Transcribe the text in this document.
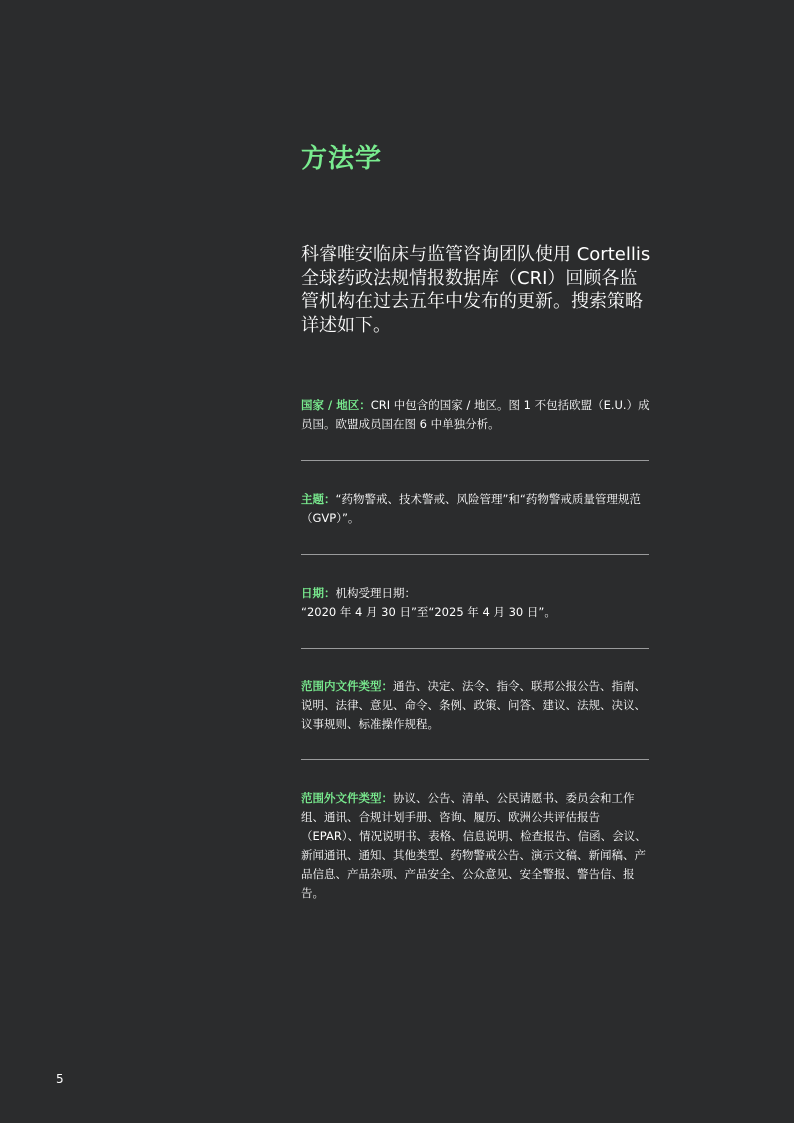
方法学

科睿唯安临床与监管咨询团队使用 Cortellis 全球药政法规情报数据库（CRI）回顾各监管机构在过去五年中发布的更新。搜索策略详述如下。

国家 / 地区：CRI 中包含的国家 / 地区。图 1 不包括欧盟（E.U.）成员国。欧盟成员国在图 6 中单独分析。

主题：“药物警戒、技术警戒、风险管理”和“药物警戒质量管理规范（GVP）”。

日期：机构受理日期：
“2020 年 4 月 30 日”至“2025 年 4 月 30 日”。

范围内文件类型：通告、决定、法令、指令、联邦公报公告、指南、说明、法律、意见、命令、条例、政策、问答、建议、法规、决议、议事规则、标准操作规程。

范围外文件类型：协议、公告、清单、公民请愿书、委员会和工作组、通讯、合规计划手册、咨询、履历、欧洲公共评估报告（EPAR）、情况说明书、表格、信息说明、检查报告、信函、会议、新闻通讯、通知、其他类型、药物警戒公告、演示文稿、新闻稿、产品信息、产品杂项、产品安全、公众意见、安全警报、警告信、报告。

5
